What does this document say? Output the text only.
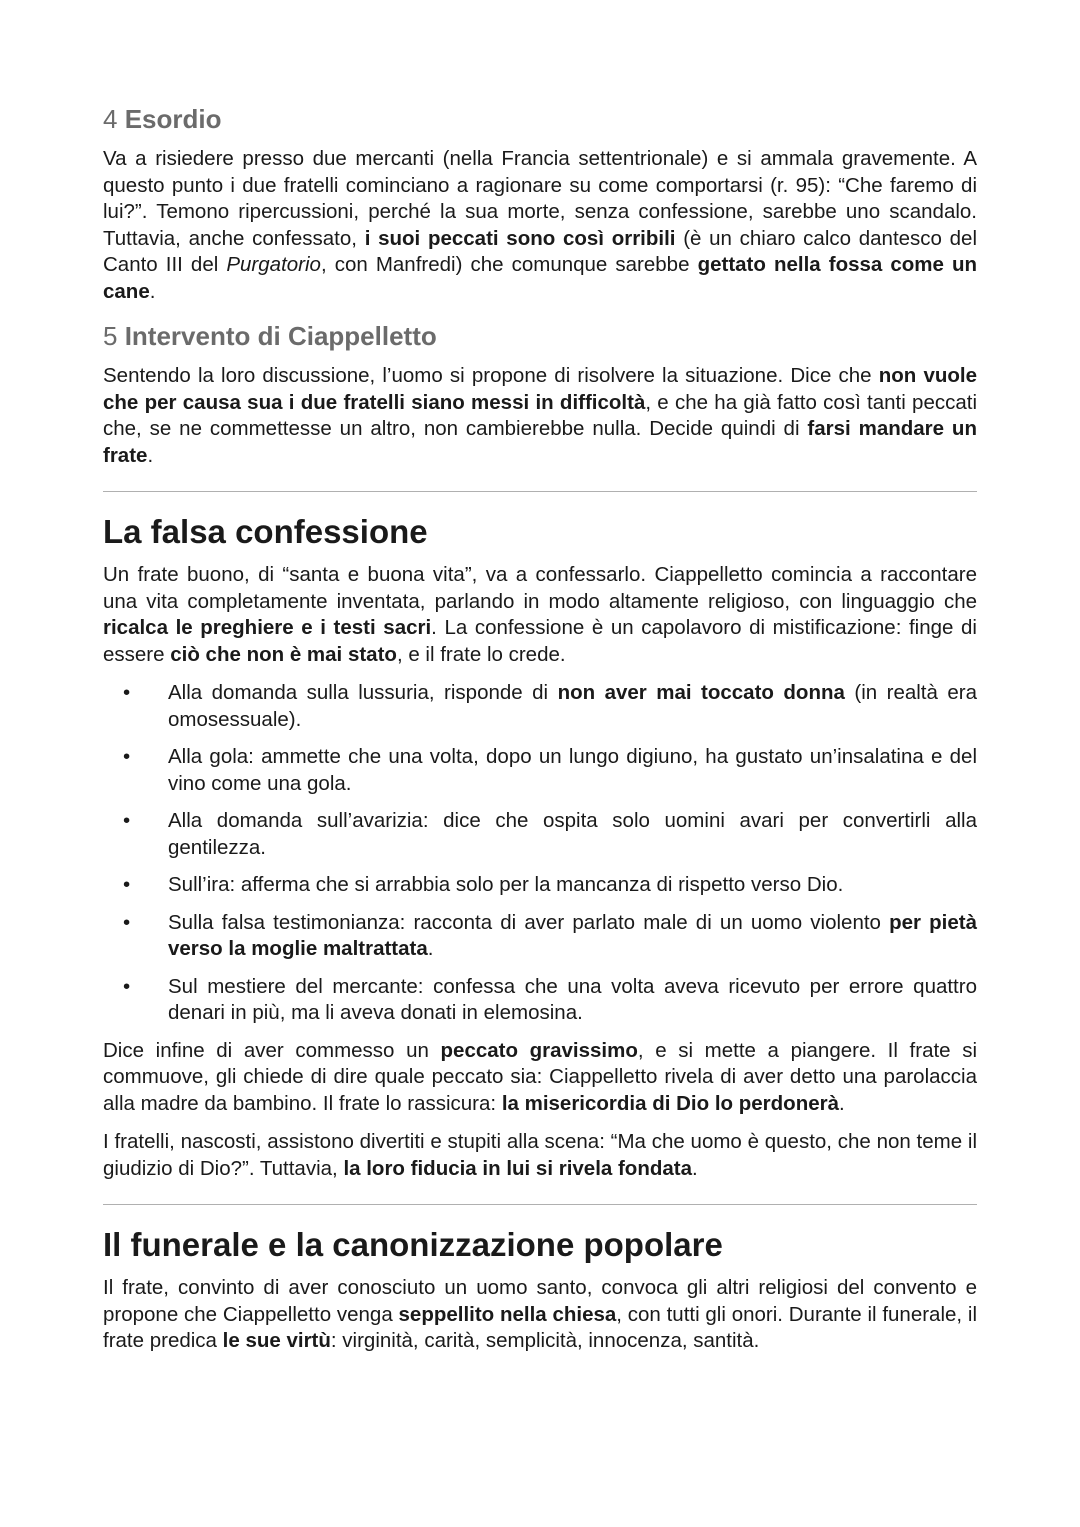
4 Esordio

Va a risiedere presso due mercanti (nella Francia settentrionale) e si ammala gravemente. A questo punto i due fratelli cominciano a ragionare su come comportarsi (r. 95): “Che faremo di lui?”. Temono ripercussioni, perché la sua morte, senza confessione, sarebbe uno scandalo. Tuttavia, anche confessato, i suoi peccati sono così orribili (è un chiaro calco dantesco del Canto III del Purgatorio, con Manfredi) che comunque sarebbe gettato nella fossa come un cane.

5 Intervento di Ciappelletto

Sentendo la loro discussione, l’uomo si propone di risolvere la situazione. Dice che non vuole che per causa sua i due fratelli siano messi in difficoltà, e che ha già fatto così tanti peccati che, se ne commettesse un altro, non cambierebbe nulla. Decide quindi di farsi mandare un frate.

La falsa confessione

Un frate buono, di “santa e buona vita”, va a confessarlo. Ciappelletto comincia a raccontare una vita completamente inventata, parlando in modo altamente religioso, con linguaggio che ricalca le preghiere e i testi sacri. La confessione è un capolavoro di mistificazione: finge di essere ciò che non è mai stato, e il frate lo crede.

• Alla domanda sulla lussuria, risponde di non aver mai toccato donna (in realtà era omosessuale).
• Alla gola: ammette che una volta, dopo un lungo digiuno, ha gustato un’insalatina e del vino come una gola.
• Alla domanda sull’avarizia: dice che ospita solo uomini avari per convertirli alla gentilezza.
• Sull’ira: afferma che si arrabbia solo per la mancanza di rispetto verso Dio.
• Sulla falsa testimonianza: racconta di aver parlato male di un uomo violento per pietà verso la moglie maltrattata.
• Sul mestiere del mercante: confessa che una volta aveva ricevuto per errore quattro denari in più, ma li aveva donati in elemosina.

Dice infine di aver commesso un peccato gravissimo, e si mette a piangere. Il frate si commuove, gli chiede di dire quale peccato sia: Ciappelletto rivela di aver detto una parolaccia alla madre da bambino. Il frate lo rassicura: la misericordia di Dio lo perdonerà.

I fratelli, nascosti, assistono divertiti e stupiti alla scena: “Ma che uomo è questo, che non teme il giudizio di Dio?”. Tuttavia, la loro fiducia in lui si rivela fondata.

Il funerale e la canonizzazione popolare

Il frate, convinto di aver conosciuto un uomo santo, convoca gli altri religiosi del convento e propone che Ciappelletto venga seppellito nella chiesa, con tutti gli onori. Durante il funerale, il frate predica le sue virtù: virginità, carità, semplicità, innocenza, santità.
